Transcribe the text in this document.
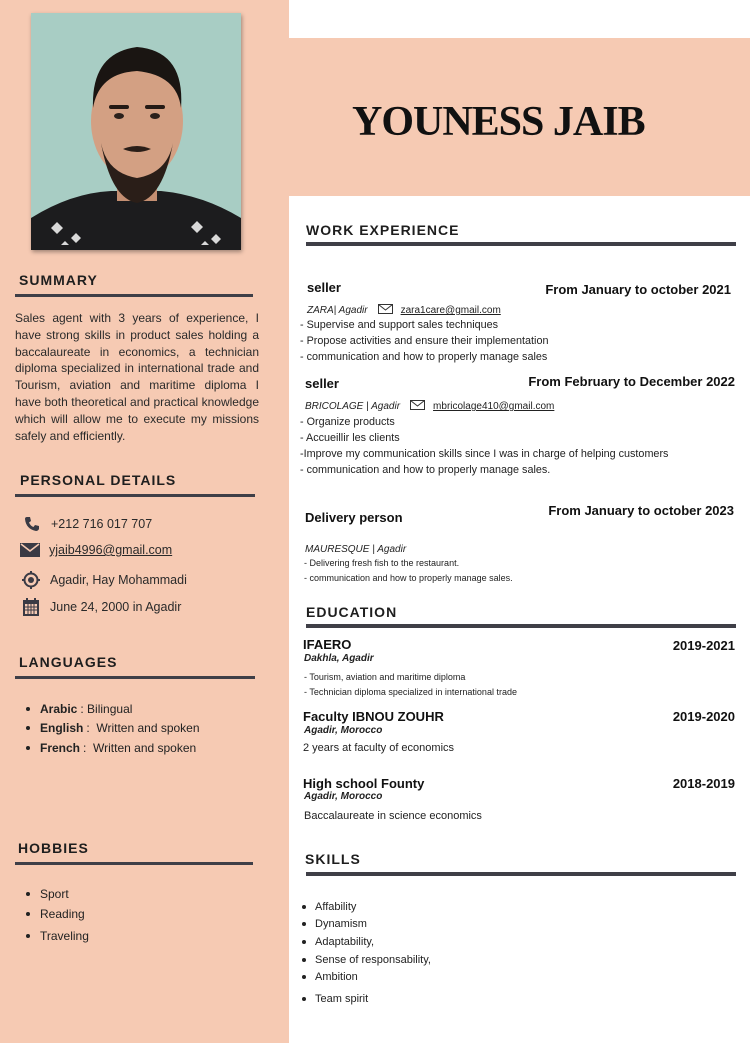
YOUNESS JAIB
SUMMARY
Sales agent with 3 years of experience, I have strong skills in product sales holding a baccalaureate in economics, a technician diploma specialized in international trade and Tourism, aviation and maritime diploma I have both theoretical and practical knowledge which will allow me to execute my missions safely and efficiently.
PERSONAL DETAILS
+212 716 017 707
yjaib4996@gmail.com
Agadir, Hay Mohammadi
June 24, 2000 in Agadir
LANGUAGES
Arabic :
Bilingual
English :
Written and spoken
French :
Written and spoken
HOBBIES
Sport
Reading
Traveling
WORK EXPERIENCE
seller	From January to october 2021
ZARA| Agadir	zara1care@gmail.com
- Supervise and support sales techniques
- Propose activities and ensure their implementation
- communication and how to properly manage sales
seller	From February to December 2022
BRICOLAGE | Agadir	mbricolage410@gmail.com
- Organize products
- Accueillir les clients
-Improve my communication skills since I was in charge of helping customers
- communication and how to properly manage sales.
Delivery person	From January to october 2023
MAURESQUE | Agadir
- Delivering fresh fish to the restaurant.
- communication and how to properly manage sales.
EDUCATION
IFAERO	2019-2021
Dakhla, Agadir
- Tourism, aviation and maritime diploma
- Technician diploma specialized in international trade
Faculty IBNOU ZOUHR	2019-2020
Agadir, Morocco
2 years at faculty of economics
High school Founty	2018-2019
Agadir, Morocco
Baccalaureate in science economics
SKILLS
Affability
Dynamism
Adaptability,
Sense of responsability,
Ambition
Team spirit
